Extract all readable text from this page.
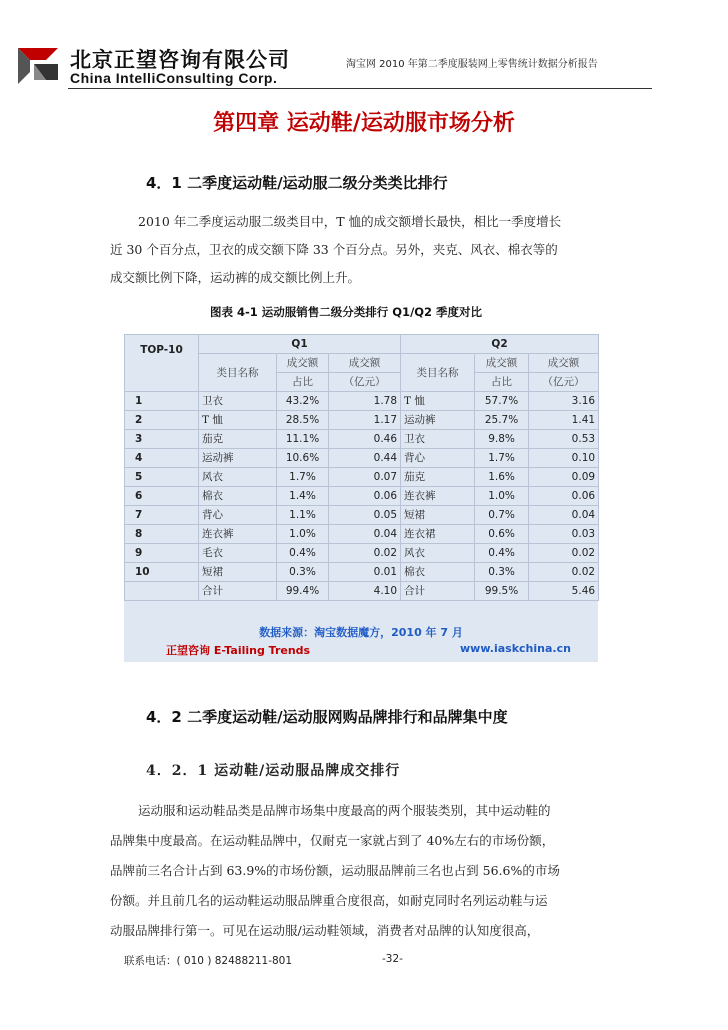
北京正望咨询有限公司
China IntelliConsulting Corp.
淘宝网 2010 年第二季度服装网上零售统计数据分析报告
第四章 运动鞋/运动服市场分析
4．1 二季度运动鞋/运动服二级分类类比排行
2010 年二季度运动服二级类目中，T 恤的成交额增长最快，相比一季度增长
近 30 个百分点，卫衣的成交额下降 33 个百分点。另外，夹克、风衣、棉衣等的
成交额比例下降，运动裤的成交额比例上升。
图表 4-1 运动服销售二级分类排行 Q1/Q2 季度对比
TOP-10	Q1			Q2		
	类目名称	成交额	成交额	类目名称	成交额	成交额
		占比	（亿元）		占比	（亿元）
1	卫衣	43.2%	1.78	T 恤	57.7%	3.16
2	T 恤	28.5%	1.17	运动裤	25.7%	1.41
3	茄克	11.1%	0.46	卫衣	9.8%	0.53
4	运动裤	10.6%	0.44	背心	1.7%	0.10
5	风衣	1.7%	0.07	茄克	1.6%	0.09
6	棉衣	1.4%	0.06	连衣裤	1.0%	0.06
7	背心	1.1%	0.05	短裙	0.7%	0.04
8	连衣裤	1.0%	0.04	连衣裙	0.6%	0.03
9	毛衣	0.4%	0.02	风衣	0.4%	0.02
10	短裙	0.3%	0.01	棉衣	0.3%	0.02
	合计	99.4%	4.10	合计	99.5%	5.46
数据来源：淘宝数据魔方，2010 年 7 月
正望咨询 E-Tailing Trends	www.iaskchina.cn
4．2 二季度运动鞋/运动服网购品牌排行和品牌集中度
4．2．1 运动鞋/运动服品牌成交排行
运动服和运动鞋品类是品牌市场集中度最高的两个服装类别，其中运动鞋的
品牌集中度最高。在运动鞋品牌中，仅耐克一家就占到了 40%左右的市场份额，
品牌前三名合计占到 63.9%的市场份额，运动服品牌前三名也占到 56.6%的市场
份额。并且前几名的运动鞋运动服品牌重合度很高，如耐克同时名列运动鞋与运
动服品牌排行第一。可见在运动服/运动鞋领域，消费者对品牌的认知度很高，
联系电话：( 010 ) 82488211-801	-32-
